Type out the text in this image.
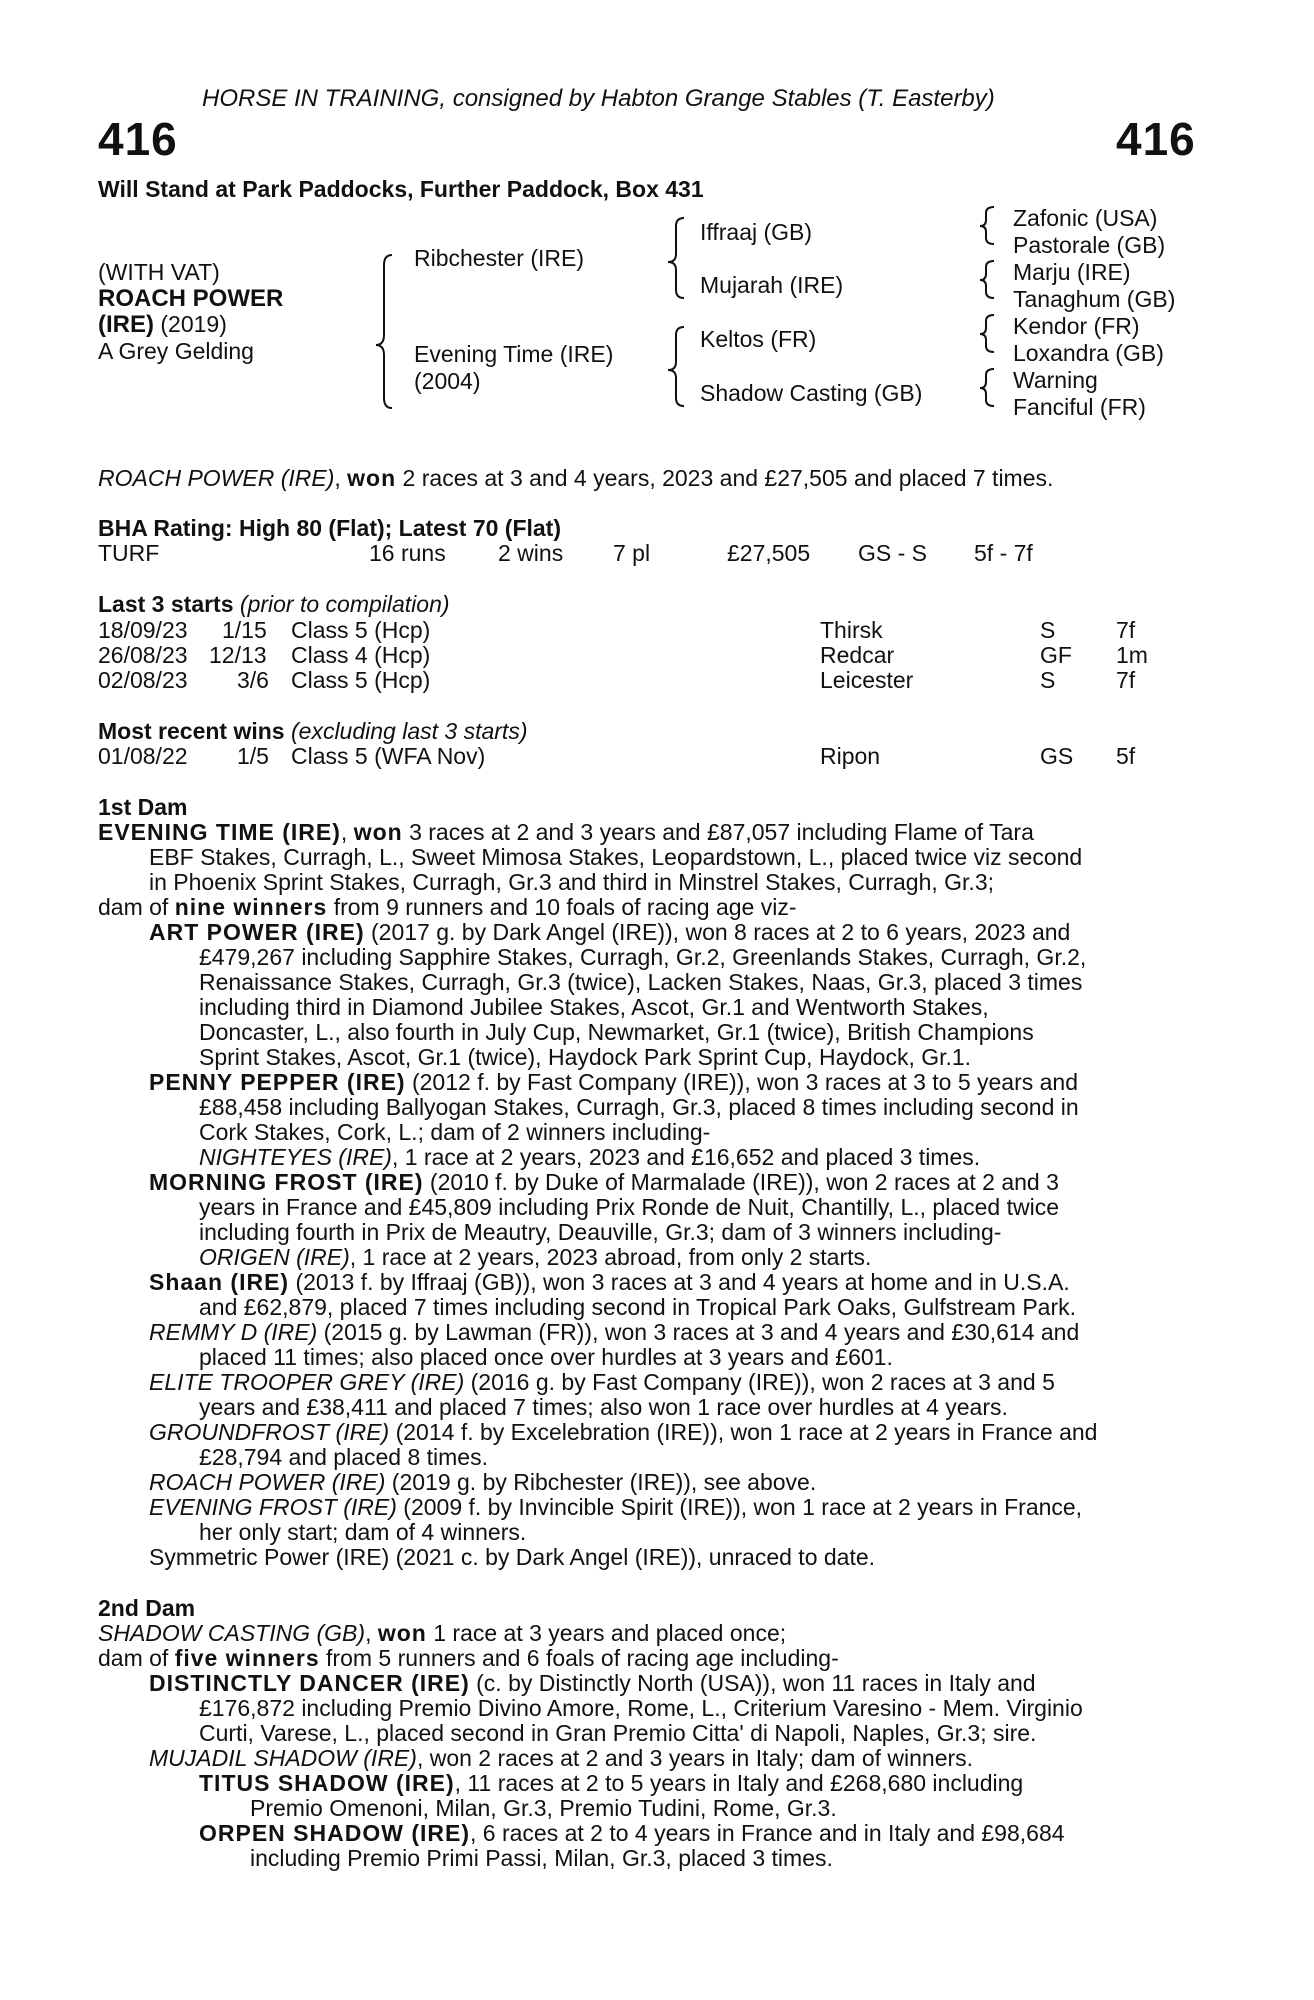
HORSE IN TRAINING, consigned by Habton Grange Stables (T. Easterby)
416	416
Will Stand at Park Paddocks, Further Paddock, Box 431
(WITH VAT)
ROACH POWER
(IRE) (2019)
A Grey Gelding
Ribchester (IRE)
Evening Time (IRE)
(2004)
Iffraaj (GB)
Mujarah (IRE)
Keltos (FR)
Shadow Casting (GB)
Zafonic (USA)
Pastorale (GB)
Marju (IRE)
Tanaghum (GB)
Kendor (FR)
Loxandra (GB)
Warning
Fanciful (FR)
ROACH POWER (IRE), won 2 races at 3 and 4 years, 2023 and £27,505 and placed 7 times.
BHA Rating: High 80 (Flat); Latest 70 (Flat)
TURF	16 runs 2 wins 7 pl	£27,505 GS - S 5f - 7f
Last 3 starts (prior to compilation)
18/09/23 1/15 Class 5 (Hcp)	Thirsk	S	7f
26/08/23 12/13 Class 4 (Hcp)	Redcar	GF 1m
02/08/23 3/6 Class 5 (Hcp)	Leicester	S	7f
Most recent wins (excluding last 3 starts)
01/08/22 1/5 Class 5 (WFA Nov)	Ripon	GS 5f
1st Dam
EVENING TIME (IRE), won 3 races at 2 and 3 years and £87,057 including Flame of Tara
EBF Stakes, Curragh, L., Sweet Mimosa Stakes, Leopardstown, L., placed twice viz second
in Phoenix Sprint Stakes, Curragh, Gr.3 and third in Minstrel Stakes, Curragh, Gr.3;
dam of nine winners from 9 runners and 10 foals of racing age viz-
ART POWER (IRE) (2017 g. by Dark Angel (IRE)), won 8 races at 2 to 6 years, 2023 and
£479,267 including Sapphire Stakes, Curragh, Gr.2, Greenlands Stakes, Curragh, Gr.2,
Renaissance Stakes, Curragh, Gr.3 (twice), Lacken Stakes, Naas, Gr.3, placed 3 times
including third in Diamond Jubilee Stakes, Ascot, Gr.1 and Wentworth Stakes,
Doncaster, L., also fourth in July Cup, Newmarket, Gr.1 (twice), British Champions
Sprint Stakes, Ascot, Gr.1 (twice), Haydock Park Sprint Cup, Haydock, Gr.1.
PENNY PEPPER (IRE) (2012 f. by Fast Company (IRE)), won 3 races at 3 to 5 years and
£88,458 including Ballyogan Stakes, Curragh, Gr.3, placed 8 times including second in
Cork Stakes, Cork, L.; dam of 2 winners including-
NIGHTEYES (IRE), 1 race at 2 years, 2023 and £16,652 and placed 3 times.
MORNING FROST (IRE) (2010 f. by Duke of Marmalade (IRE)), won 2 races at 2 and 3
years in France and £45,809 including Prix Ronde de Nuit, Chantilly, L., placed twice
including fourth in Prix de Meautry, Deauville, Gr.3; dam of 3 winners including-
ORIGEN (IRE), 1 race at 2 years, 2023 abroad, from only 2 starts.
Shaan (IRE) (2013 f. by Iffraaj (GB)), won 3 races at 3 and 4 years at home and in U.S.A.
and £62,879, placed 7 times including second in Tropical Park Oaks, Gulfstream Park.
REMMY D (IRE) (2015 g. by Lawman (FR)), won 3 races at 3 and 4 years and £30,614 and
placed 11 times; also placed once over hurdles at 3 years and £601.
ELITE TROOPER GREY (IRE) (2016 g. by Fast Company (IRE)), won 2 races at 3 and 5
years and £38,411 and placed 7 times; also won 1 race over hurdles at 4 years.
GROUNDFROST (IRE) (2014 f. by Excelebration (IRE)), won 1 race at 2 years in France and
£28,794 and placed 8 times.
ROACH POWER (IRE) (2019 g. by Ribchester (IRE)), see above.
EVENING FROST (IRE) (2009 f. by Invincible Spirit (IRE)), won 1 race at 2 years in France,
her only start; dam of 4 winners.
Symmetric Power (IRE) (2021 c. by Dark Angel (IRE)), unraced to date.
2nd Dam
SHADOW CASTING (GB), won 1 race at 3 years and placed once;
dam of five winners from 5 runners and 6 foals of racing age including-
DISTINCTLY DANCER (IRE) (c. by Distinctly North (USA)), won 11 races in Italy and
£176,872 including Premio Divino Amore, Rome, L., Criterium Varesino - Mem. Virginio
Curti, Varese, L., placed second in Gran Premio Citta' di Napoli, Naples, Gr.3; sire.
MUJADIL SHADOW (IRE), won 2 races at 2 and 3 years in Italy; dam of winners.
TITUS SHADOW (IRE), 11 races at 2 to 5 years in Italy and £268,680 including
Premio Omenoni, Milan, Gr.3, Premio Tudini, Rome, Gr.3.
ORPEN SHADOW (IRE), 6 races at 2 to 4 years in France and in Italy and £98,684
including Premio Primi Passi, Milan, Gr.3, placed 3 times.
